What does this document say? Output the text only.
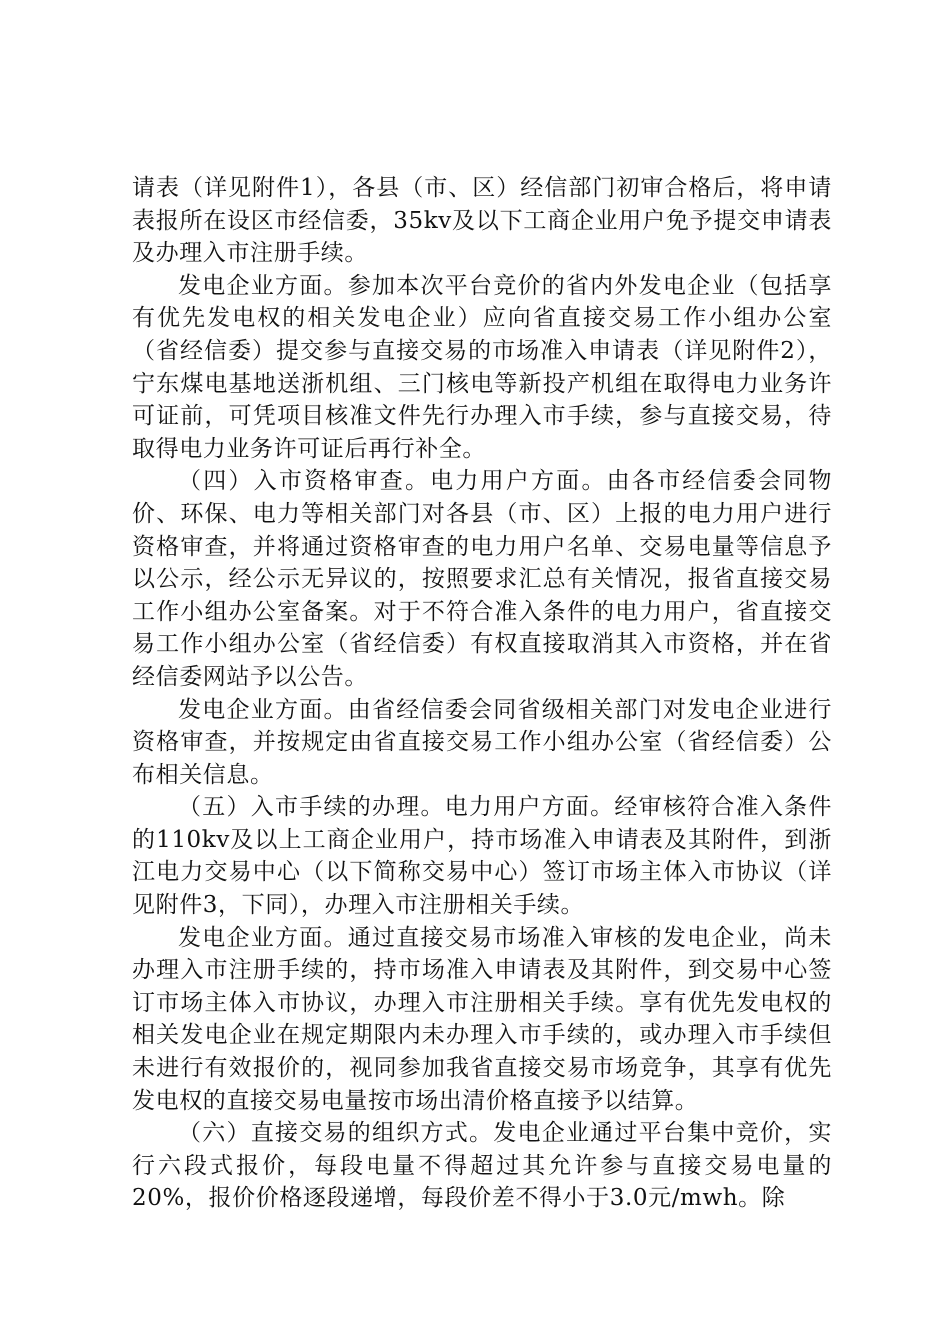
请表（详见附件1），各县（市、区）经信部门初审合格后，将申请表报所在设区市经信委，35kv及以下工商企业用户免予提交申请表及办理入市注册手续。

发电企业方面。参加本次平台竞价的省内外发电企业（包括享有优先发电权的相关发电企业）应向省直接交易工作小组办公室（省经信委）提交参与直接交易的市场准入申请表（详见附件2），宁东煤电基地送浙机组、三门核电等新投产机组在取得电力业务许可证前，可凭项目核准文件先行办理入市手续，参与直接交易，待取得电力业务许可证后再行补全。

（四）入市资格审查。电力用户方面。由各市经信委会同物价、环保、电力等相关部门对各县（市、区）上报的电力用户进行资格审查，并将通过资格审查的电力用户名单、交易电量等信息予以公示，经公示无异议的，按照要求汇总有关情况，报省直接交易工作小组办公室备案。对于不符合准入条件的电力用户，省直接交易工作小组办公室（省经信委）有权直接取消其入市资格，并在省经信委网站予以公告。

发电企业方面。由省经信委会同省级相关部门对发电企业进行资格审查，并按规定由省直接交易工作小组办公室（省经信委）公布相关信息。

（五）入市手续的办理。电力用户方面。经审核符合准入条件的110kv及以上工商企业用户，持市场准入申请表及其附件，到浙江电力交易中心（以下简称交易中心）签订市场主体入市协议（详见附件3，下同），办理入市注册相关手续。

发电企业方面。通过直接交易市场准入审核的发电企业，尚未办理入市注册手续的，持市场准入申请表及其附件，到交易中心签订市场主体入市协议，办理入市注册相关手续。享有优先发电权的相关发电企业在规定期限内未办理入市手续的，或办理入市手续但未进行有效报价的，视同参加我省直接交易市场竞争，其享有优先发电权的直接交易电量按市场出清价格直接予以结算。

（六）直接交易的组织方式。发电企业通过平台集中竞价，实行六段式报价，每段电量不得超过其允许参与直接交易电量的20%，报价价格逐段递增，每段价差不得小于3.0元/mwh。除
